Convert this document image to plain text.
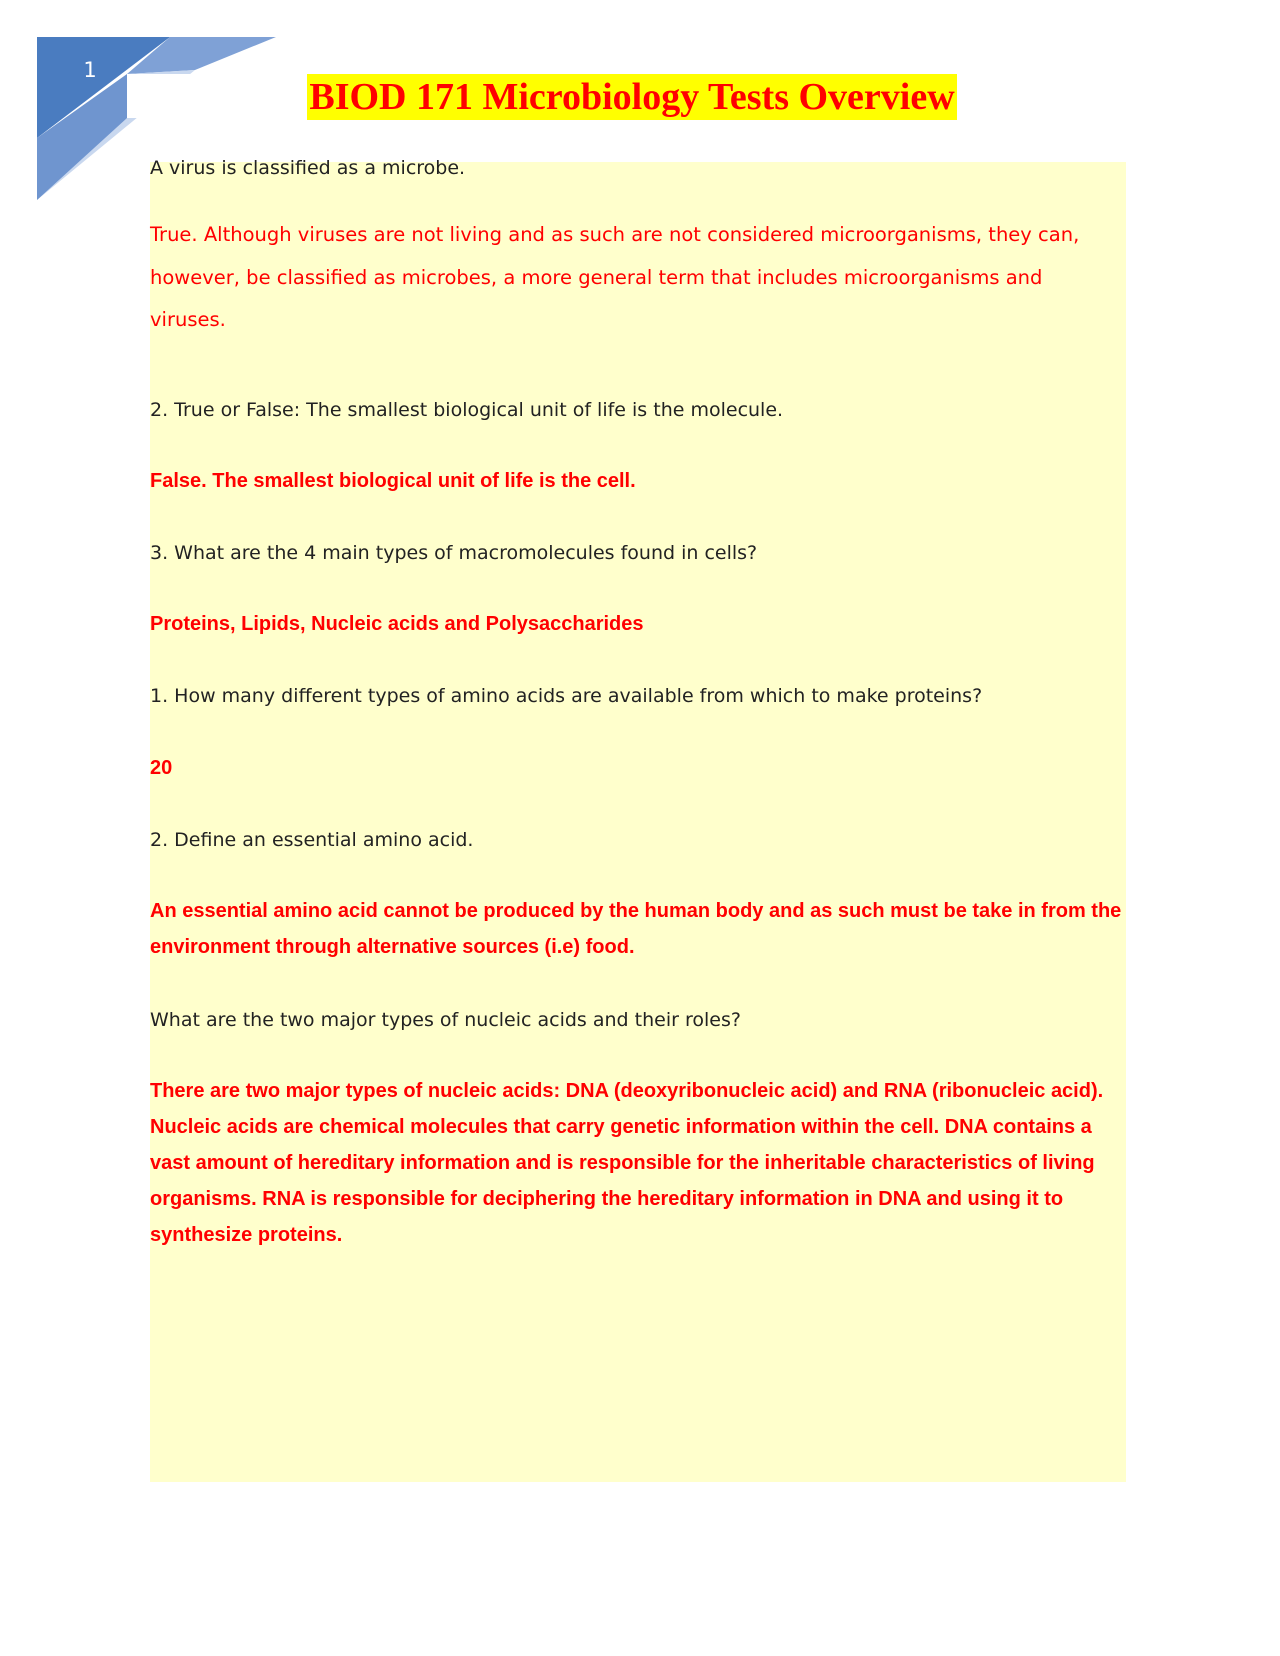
1
BIOD 171 Microbiology Tests Overview

A virus is classified as a microbe.

True. Although viruses are not living and as such are not considered microorganisms, they can, however, be classified as microbes, a more general term that includes microorganisms and viruses.

2. True or False: The smallest biological unit of life is the molecule.

False. The smallest biological unit of life is the cell.

3. What are the 4 main types of macromolecules found in cells?

Proteins, Lipids, Nucleic acids and Polysaccharides

1. How many different types of amino acids are available from which to make proteins?

20

2. Define an essential amino acid.

An essential amino acid cannot be produced by the human body and as such must be take in from the environment through alternative sources (i.e) food.

What are the two major types of nucleic acids and their roles?

There are two major types of nucleic acids: DNA (deoxyribonucleic acid) and RNA (ribonucleic acid). Nucleic acids are chemical molecules that carry genetic information within the cell. DNA contains a vast amount of hereditary information and is responsible for the inheritable characteristics of living organisms. RNA is responsible for deciphering the hereditary information in DNA and using it to synthesize proteins.
